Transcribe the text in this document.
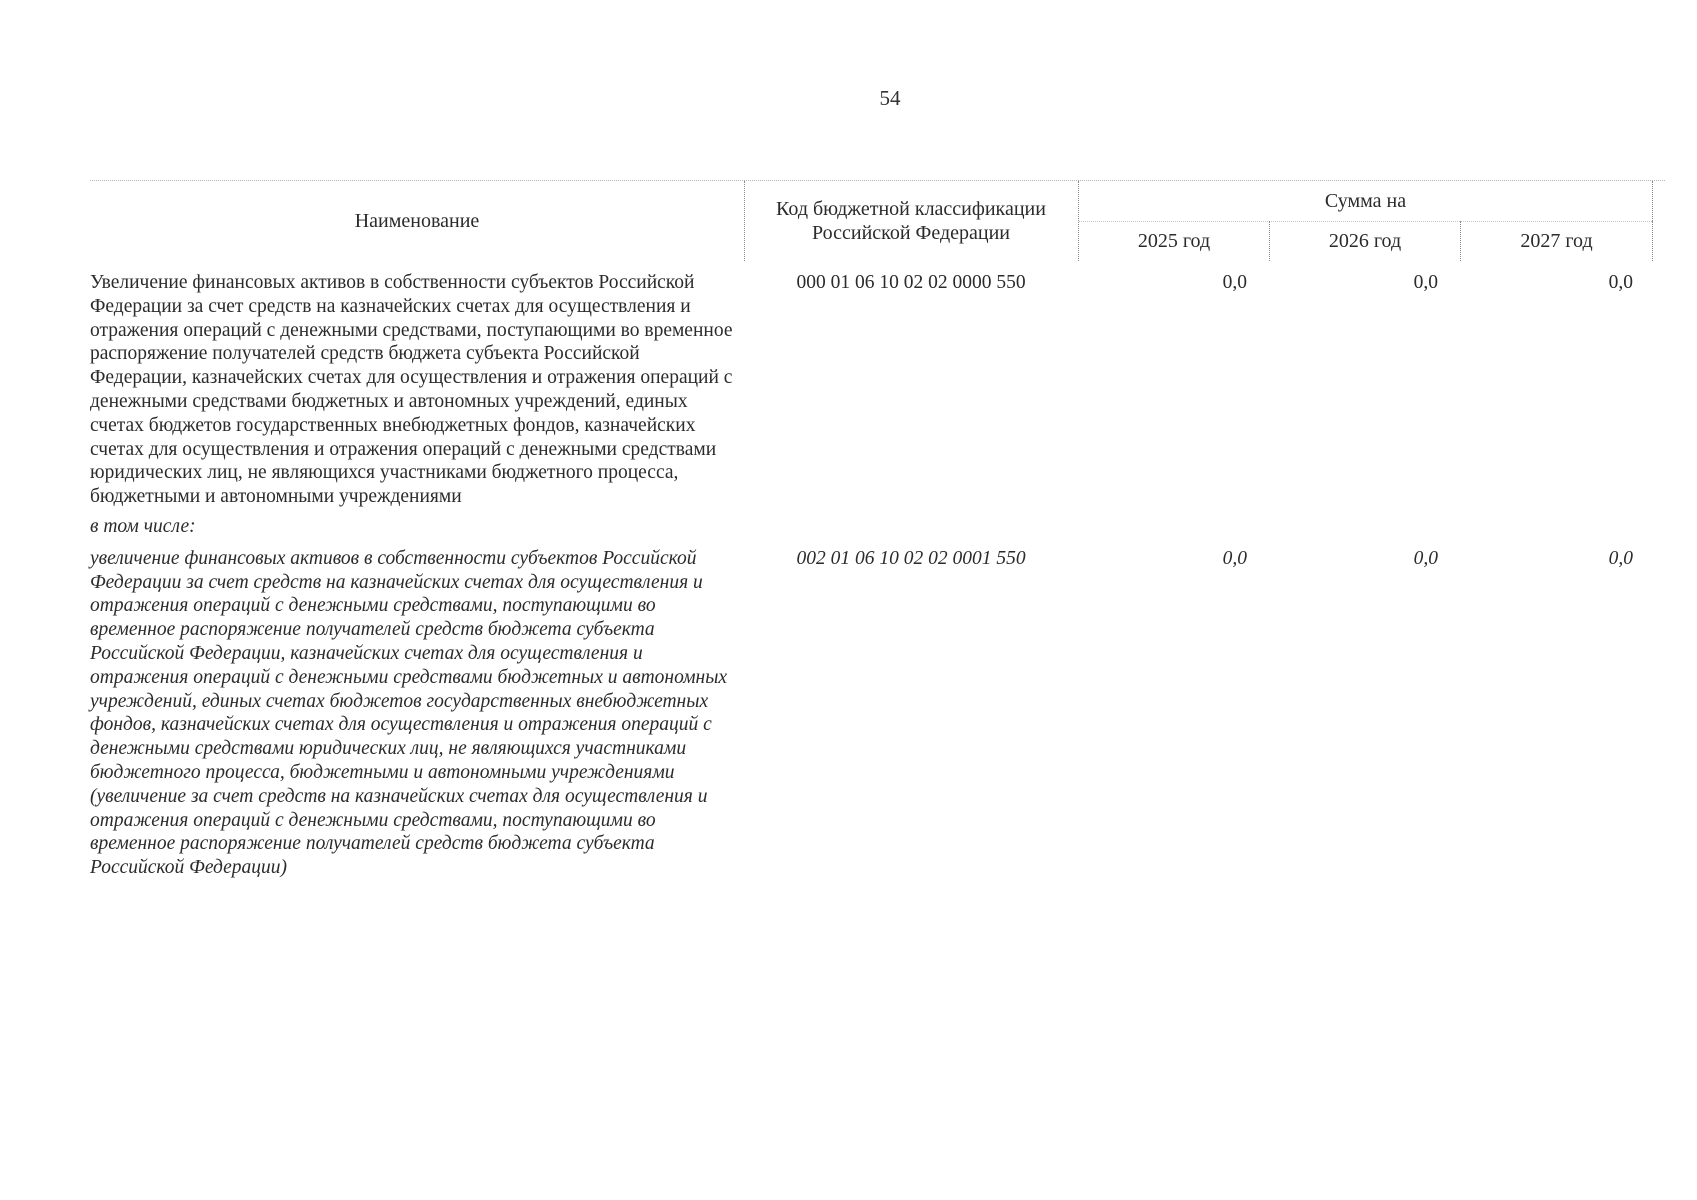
54
Наименование
Код бюджетной классификации Российской Федерации
Сумма на
2025 год	2026 год	2027 год
Увеличение финансовых активов в собственности субъектов Российской Федерации за счет средств на казначейских счетах для осуществления и отражения операций с денежными средствами, поступающими во временное распоряжение получателей средств бюджета субъекта Российской Федерации, казначейских счетах для осуществления и отражения операций с денежными средствами бюджетных и автономных учреждений, единых счетах бюджетов государственных внебюджетных фондов, казначейских счетах для осуществления и отражения операций с денежными средствами юридических лиц, не являющихся участниками бюджетного процесса, бюджетными и автономными учреждениями
000 01 06 10 02 02 0000 550	0,0	0,0	0,0
в том числе:
увеличение финансовых активов в собственности субъектов Российской Федерации за счет средств на казначейских счетах для осуществления и отражения операций с денежными средствами, поступающими во временное распоряжение получателей средств бюджета субъекта Российской Федерации, казначейских счетах для осуществления и отражения операций с денежными средствами бюджетных и автономных учреждений, единых счетах бюджетов государственных внебюджетных фондов, казначейских счетах для осуществления и отражения операций с денежными средствами юридических лиц, не являющихся участниками бюджетного процесса, бюджетными и автономными учреждениями (увеличение за счет средств на казначейских счетах для осуществления и отражения операций с денежными средствами, поступающими во временное распоряжение получателей средств бюджета субъекта Российской Федерации)
002 01 06 10 02 02 0001 550	0,0	0,0	0,0
